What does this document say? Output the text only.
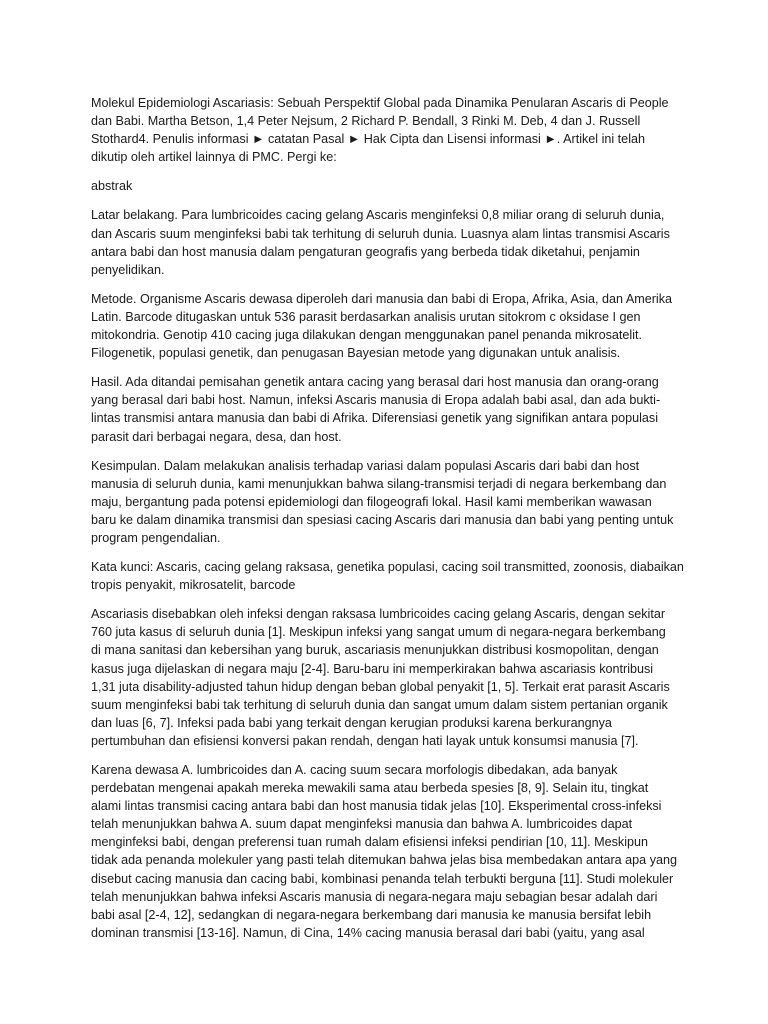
Molekul Epidemiologi Ascariasis: Sebuah Perspektif Global pada Dinamika Penularan Ascaris di People
dan Babi. Martha Betson, 1,4 Peter Nejsum, 2 Richard P. Bendall, 3 Rinki M. Deb, 4 dan J. Russell
Stothard4. Penulis informasi ► catatan Pasal ► Hak Cipta dan Lisensi informasi ►. Artikel ini telah
dikutip oleh artikel lainnya di PMC. Pergi ke:

abstrak

Latar belakang. Para lumbricoides cacing gelang Ascaris menginfeksi 0,8 miliar orang di seluruh dunia,
dan Ascaris suum menginfeksi babi tak terhitung di seluruh dunia. Luasnya alam lintas transmisi Ascaris
antara babi dan host manusia dalam pengaturan geografis yang berbeda tidak diketahui, penjamin
penyelidikan.

Metode. Organisme Ascaris dewasa diperoleh dari manusia dan babi di Eropa, Afrika, Asia, dan Amerika
Latin. Barcode ditugaskan untuk 536 parasit berdasarkan analisis urutan sitokrom c oksidase I gen
mitokondria. Genotip 410 cacing juga dilakukan dengan menggunakan panel penanda mikrosatelit.
Filogenetik, populasi genetik, dan penugasan Bayesian metode yang digunakan untuk analisis.

Hasil. Ada ditandai pemisahan genetik antara cacing yang berasal dari host manusia dan orang-orang
yang berasal dari babi host. Namun, infeksi Ascaris manusia di Eropa adalah babi asal, dan ada bukti-
lintas transmisi antara manusia dan babi di Afrika. Diferensiasi genetik yang signifikan antara populasi
parasit dari berbagai negara, desa, dan host.

Kesimpulan. Dalam melakukan analisis terhadap variasi dalam populasi Ascaris dari babi dan host
manusia di seluruh dunia, kami menunjukkan bahwa silang-transmisi terjadi di negara berkembang dan
maju, bergantung pada potensi epidemiologi dan filogeografi lokal. Hasil kami memberikan wawasan
baru ke dalam dinamika transmisi dan spesiasi cacing Ascaris dari manusia dan babi yang penting untuk
program pengendalian.

Kata kunci: Ascaris, cacing gelang raksasa, genetika populasi, cacing soil transmitted, zoonosis, diabaikan
tropis penyakit, mikrosatelit, barcode

Ascariasis disebabkan oleh infeksi dengan raksasa lumbricoides cacing gelang Ascaris, dengan sekitar
760 juta kasus di seluruh dunia [1]. Meskipun infeksi yang sangat umum di negara-negara berkembang
di mana sanitasi dan kebersihan yang buruk, ascariasis menunjukkan distribusi kosmopolitan, dengan
kasus juga dijelaskan di negara maju [2-4]. Baru-baru ini memperkirakan bahwa ascariasis kontribusi
1,31 juta disability-adjusted tahun hidup dengan beban global penyakit [1, 5]. Terkait erat parasit Ascaris
suum menginfeksi babi tak terhitung di seluruh dunia dan sangat umum dalam sistem pertanian organik
dan luas [6, 7]. Infeksi pada babi yang terkait dengan kerugian produksi karena berkurangnya
pertumbuhan dan efisiensi konversi pakan rendah, dengan hati layak untuk konsumsi manusia [7].

Karena dewasa A. lumbricoides dan A. cacing suum secara morfologis dibedakan, ada banyak
perdebatan mengenai apakah mereka mewakili sama atau berbeda spesies [8, 9]. Selain itu, tingkat
alami lintas transmisi cacing antara babi dan host manusia tidak jelas [10]. Eksperimental cross-infeksi
telah menunjukkan bahwa A. suum dapat menginfeksi manusia dan bahwa A. lumbricoides dapat
menginfeksi babi, dengan preferensi tuan rumah dalam efisiensi infeksi pendirian [10, 11]. Meskipun
tidak ada penanda molekuler yang pasti telah ditemukan bahwa jelas bisa membedakan antara apa yang
disebut cacing manusia dan cacing babi, kombinasi penanda telah terbukti berguna [11]. Studi molekuler
telah menunjukkan bahwa infeksi Ascaris manusia di negara-negara maju sebagian besar adalah dari
babi asal [2-4, 12], sedangkan di negara-negara berkembang dari manusia ke manusia bersifat lebih
dominan transmisi [13-16]. Namun, di Cina, 14% cacing manusia berasal dari babi (yaitu, yang asal
